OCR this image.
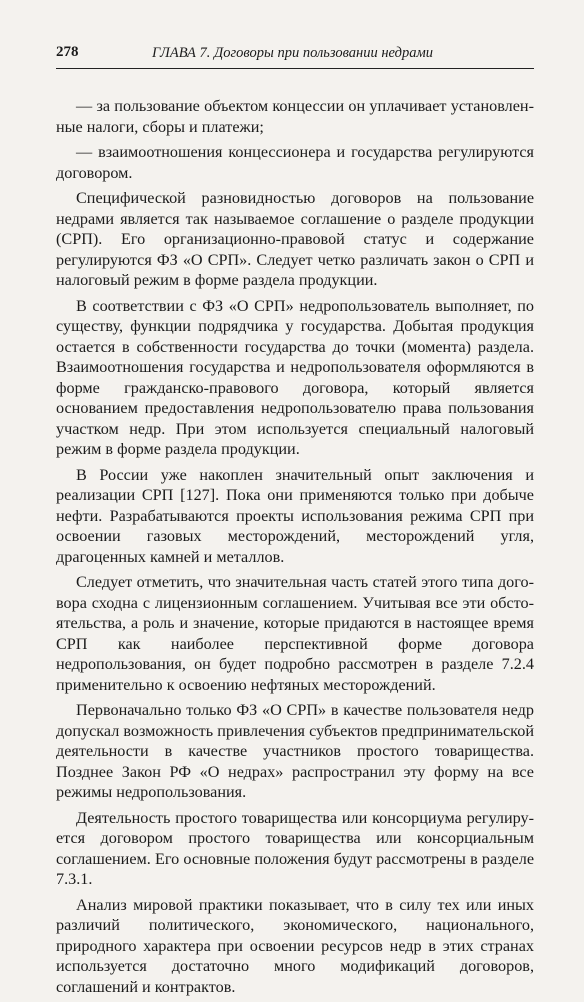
278	ГЛАВА 7. Договоры при пользовании недрами

— за пользование объектом концессии он уплачивает установленные налоги, сборы и платежи;

— взаимоотношения концессионера и государства регулируются договором.

Специфической разновидностью договоров на пользование недрами является так называемое соглашение о разделе продукции (СРП). Его организационно-правовой статус и содержание регулируются ФЗ «О СРП». Следует четко различать закон о СРП и налоговый режим в форме раздела продукции.

В соответствии с ФЗ «О СРП» недропользователь выполняет, по существу, функции подрядчика у государства. Добытая продукция остается в собственности государства до точки (момента) раздела. Взаимоотношения государства и недропользователя оформляются в форме гражданско-правового договора, который является основанием предоставления недропользователю права пользования участком недр. При этом используется специальный налоговый режим в форме раздела продукции.

В России уже накоплен значительный опыт заключения и реализации СРП [127]. Пока они применяются только при добыче нефти. Разрабатываются проекты использования режима СРП при освоении газовых месторождений, месторождений угля, драгоценных камней и металлов.

Следует отметить, что значительная часть статей этого типа договора сходна с лицензионным соглашением. Учитывая все эти обстоятельства, а роль и значение, которые придаются в настоящее время СРП как наиболее перспективной форме договора недропользования, он будет подробно рассмотрен в разделе 7.2.4 применительно к освоению нефтяных месторождений.

Первоначально только ФЗ «О СРП» в качестве пользователя недр допускал возможность привлечения субъектов предпринимательской деятельности в качестве участников простого товарищества. Позднее Закон РФ «О недрах» распространил эту форму на все режимы недропользования.

Деятельность простого товарищества или консорциума регулируется договором простого товарищества или консорциальным соглашением. Его основные положения будут рассмотрены в разделе 7.3.1.

Анализ мировой практики показывает, что в силу тех или иных различий политического, экономического, национального, природного характера при освоении ресурсов недр в этих странах используется достаточно много модификаций договоров, соглашений и контрактов.
